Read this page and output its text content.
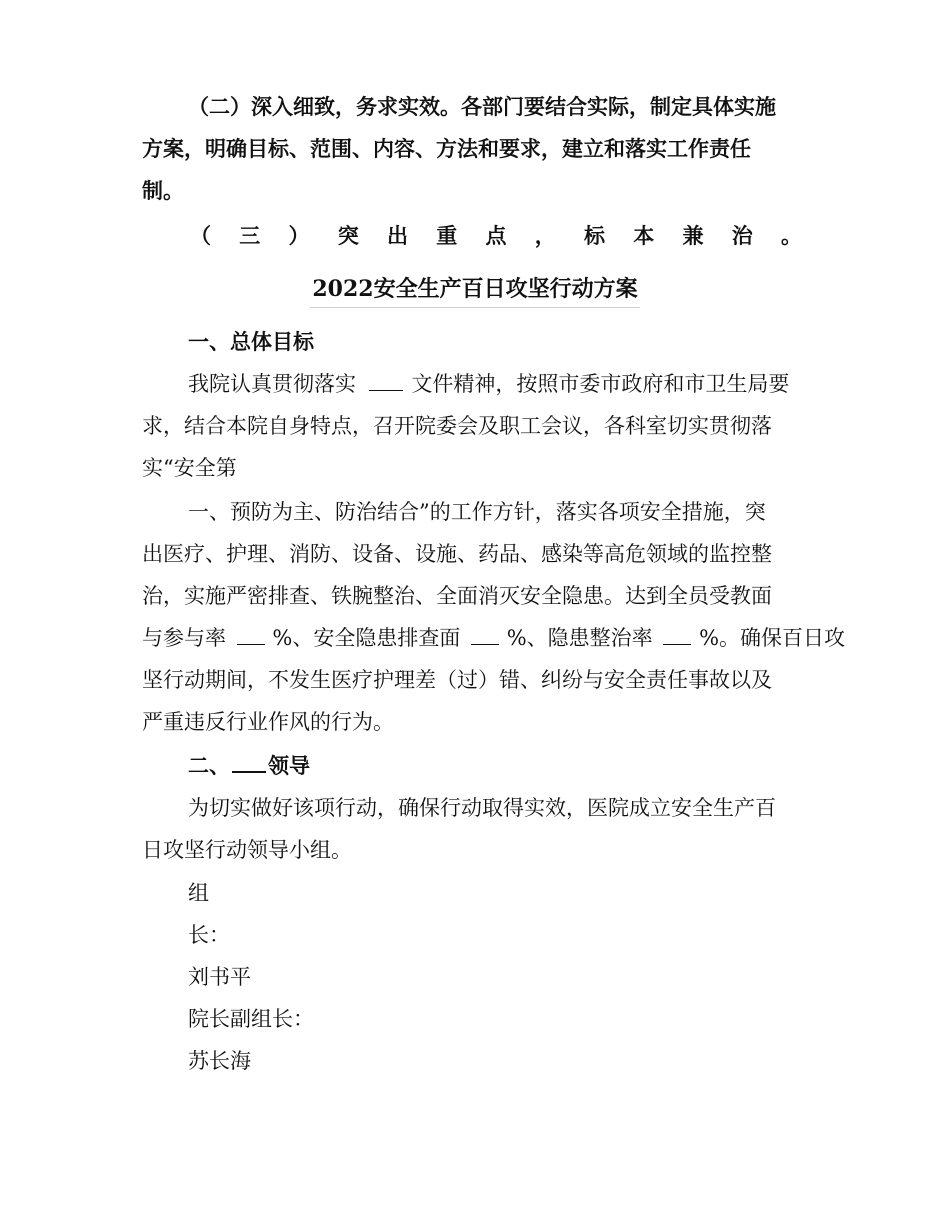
（二）深入细致，务求实效。各部门要结合实际，制定具体实施
方案，明确目标、范围、内容、方法和要求，建立和落实工作责任
制。
（ 三 ） 突 出 重 点 ， 标 本 兼 治 。
2022安全生产百日攻坚行动方案
一、总体目标
我院认真贯彻落实	文件精神，按照市委市政府和市卫生局要
求，结合本院自身特点，召开院委会及职工会议，各科室切实贯彻落
实“安全第
一、预防为主、防治结合”的工作方针，落实各项安全措施，突
出医疗、护理、消防、设备、设施、药品、感染等高危领域的监控整
治，实施严密排查、铁腕整治、全面消灭安全隐患。达到全员受教面
与参与率 %、安全隐患排查面 %、隐患整治率 %。确保百日攻
坚行动期间，不发生医疗护理差（过）错、纠纷与安全责任事故以及
严重违反行业作风的行为。
二、 领导
为切实做好该项行动，确保行动取得实效，医院成立安全生产百
日攻坚行动领导小组。
组
长：
刘书平
院长副组长：
苏长海
